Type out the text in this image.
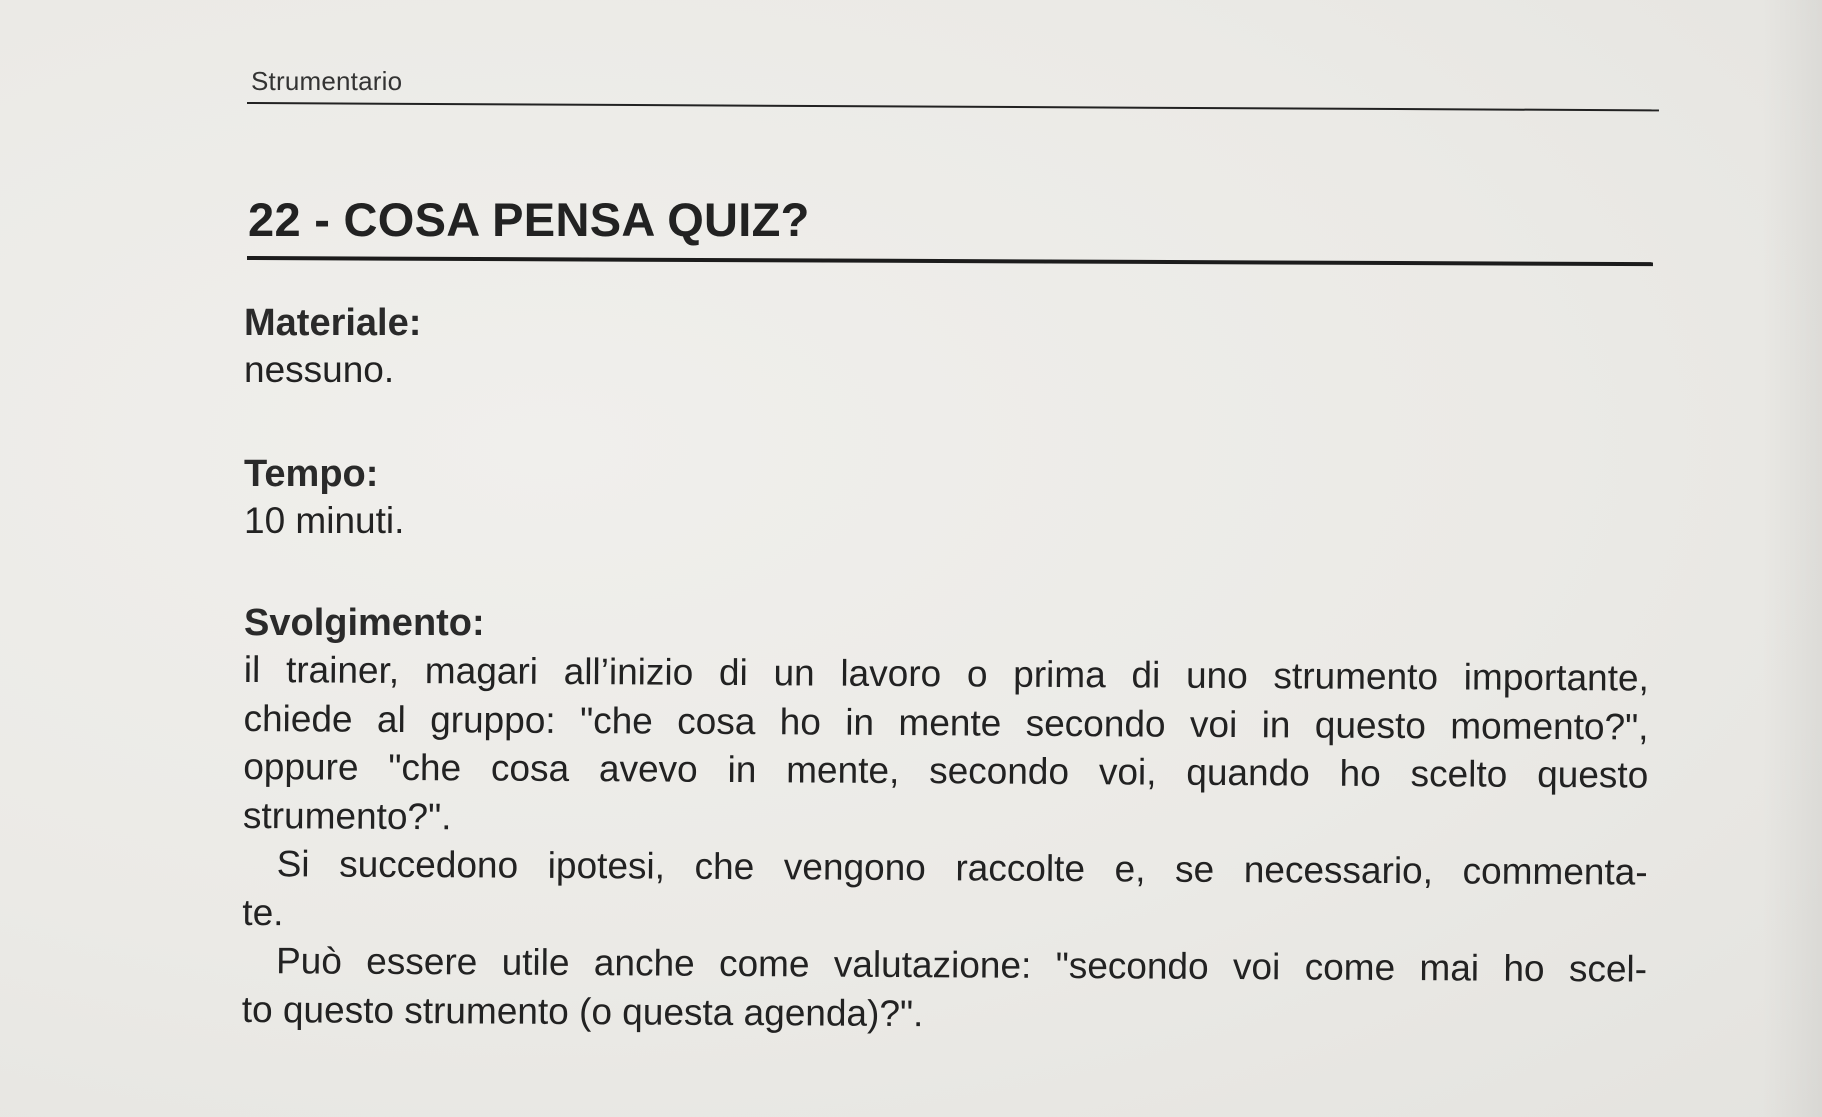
Strumentario
22 - COSA PENSA QUIZ?
Materiale:
nessuno.
Tempo:
10 minuti.
Svolgimento:

il trainer, magari all’inizio di un lavoro o prima di uno strumento importante,
chiede al gruppo: "che cosa ho in mente secondo voi in questo momento?",
oppure "che cosa avevo in mente, secondo voi, quando ho scelto questo
strumento?".

Si succedono ipotesi, che vengono raccolte e, se necessario, commenta-
te.

Può essere utile anche come valutazione: "secondo voi come mai ho scel-
to questo strumento (o questa agenda)?".
